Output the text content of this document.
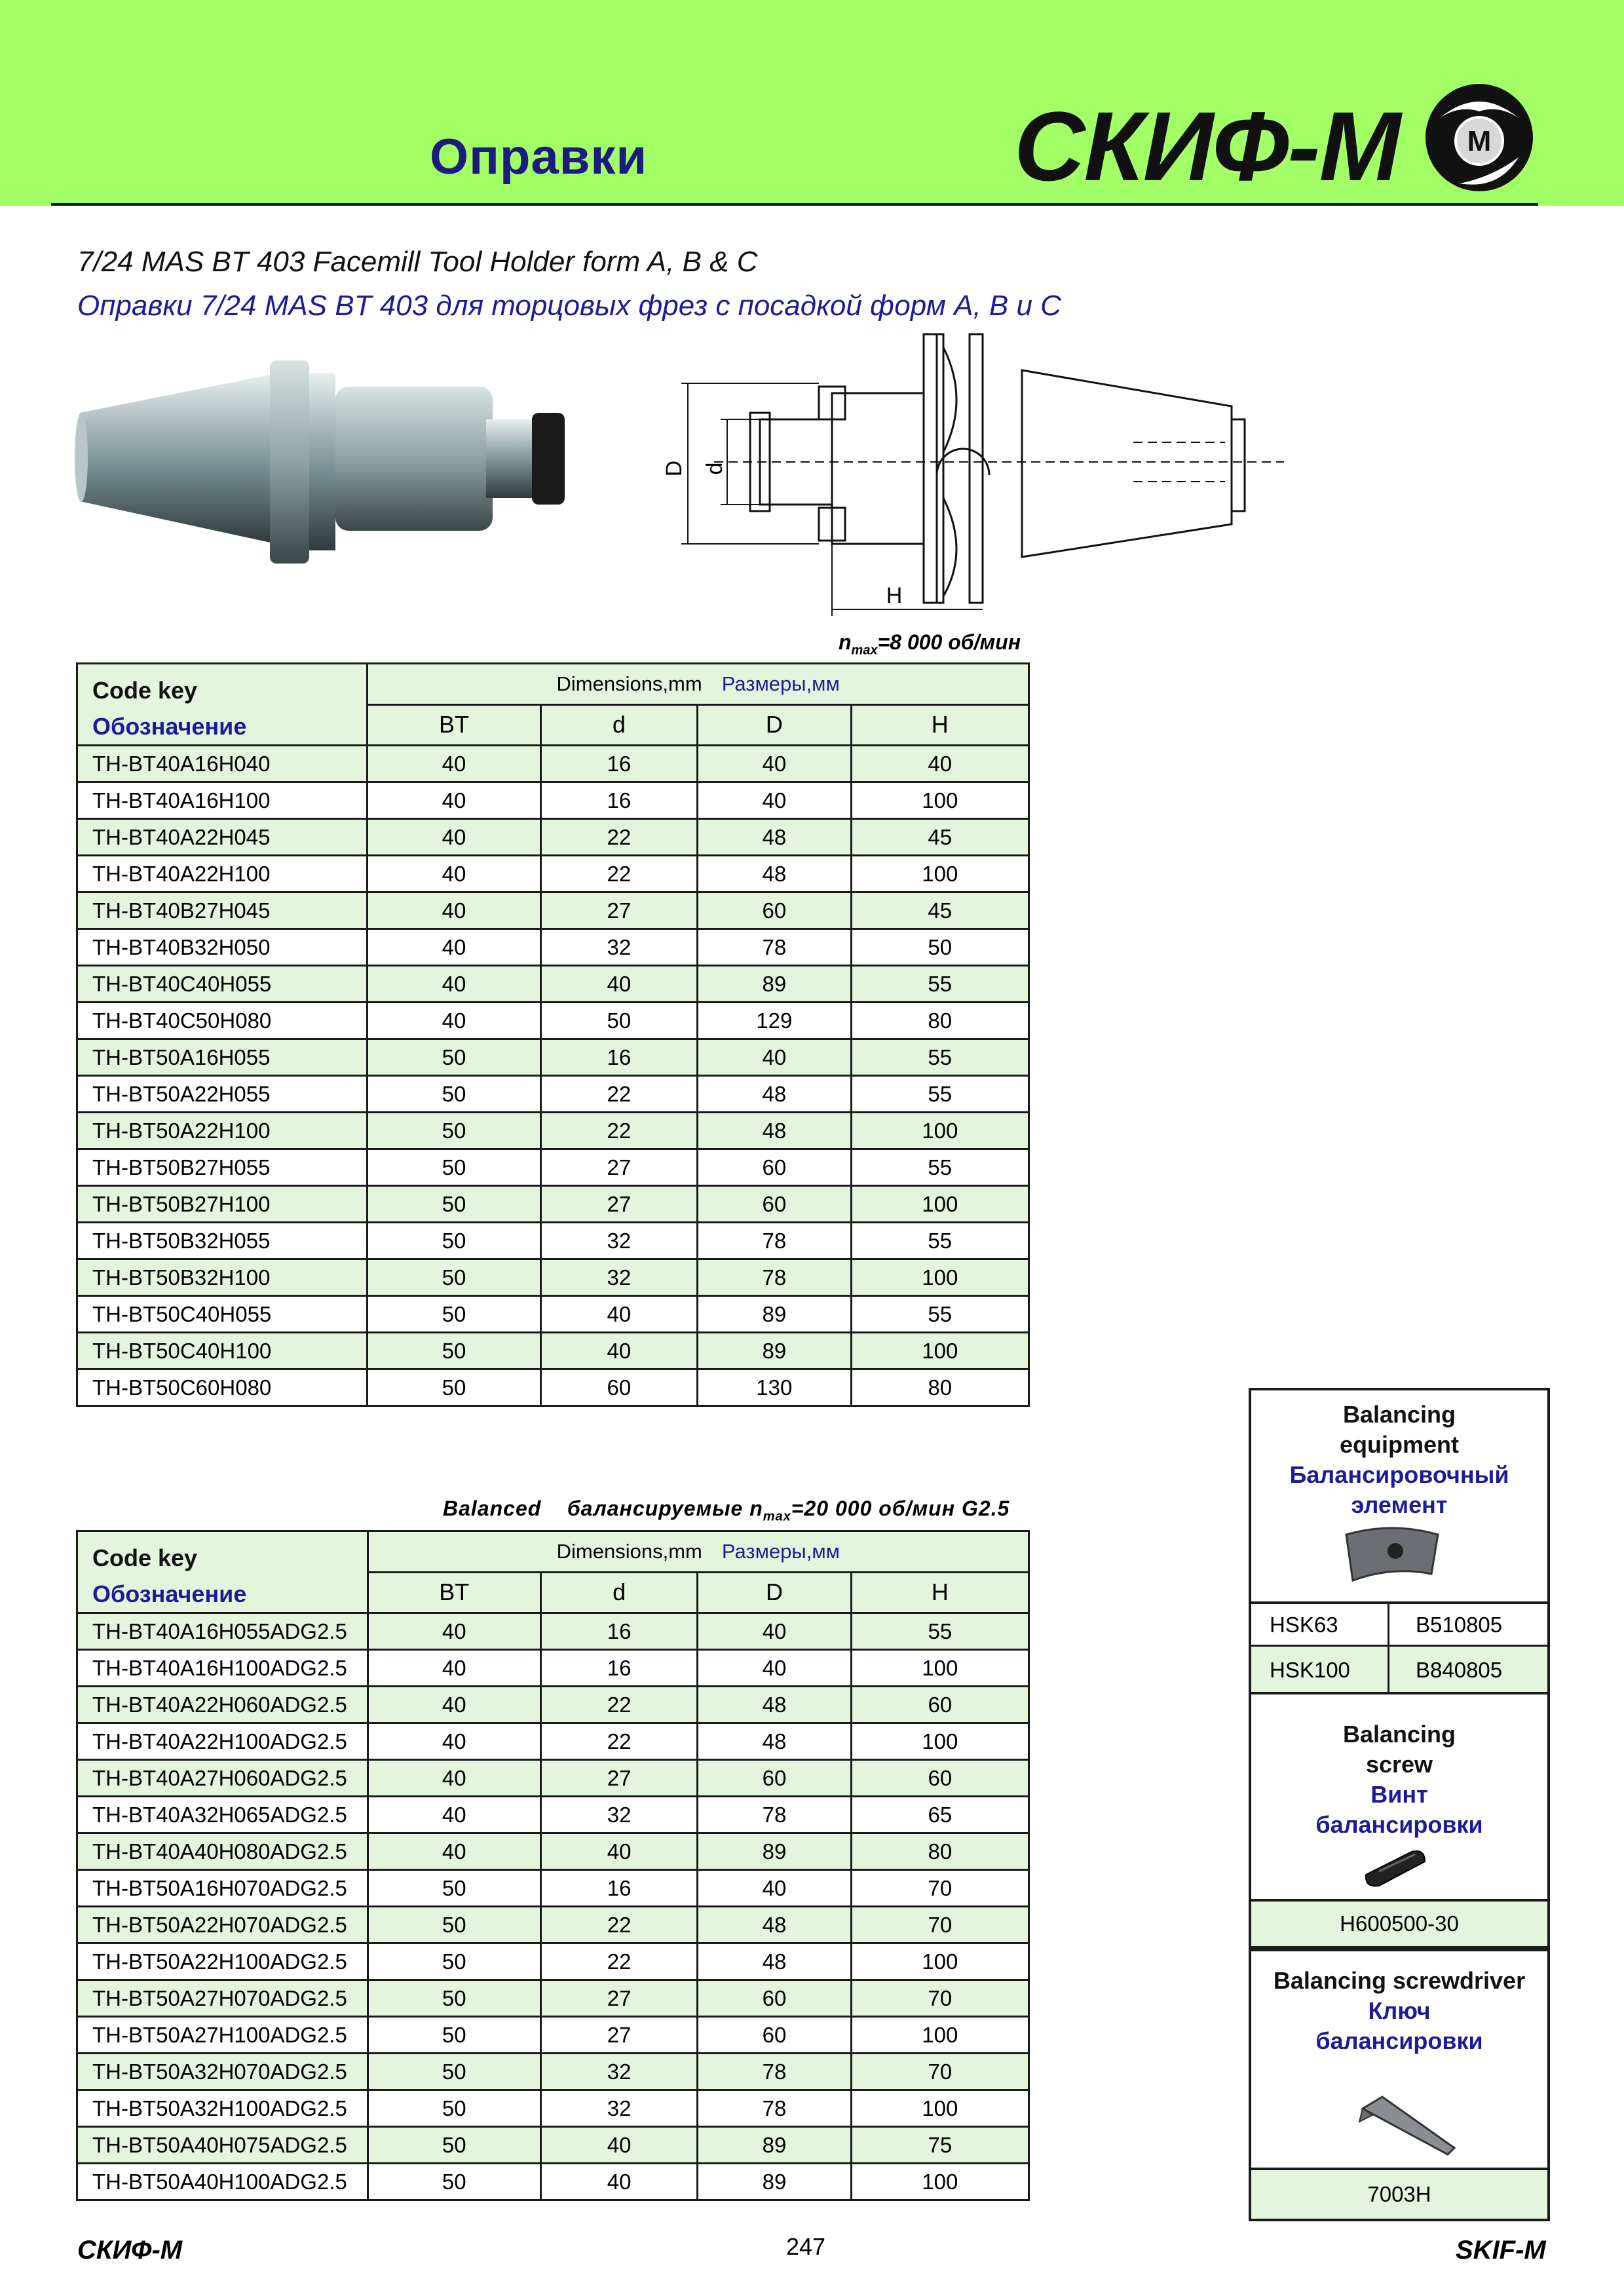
Оправки	СКИФ-М М
7/24 MAS BT 403 Facemill Tool Holder form A, B & C
Оправки 7/24 MAS BT 403 для торцовых фрез с посадкой форм A, B и C
D d
H
$n_{max}=8$ 000 об/мин
Code key
Обозначение	Dimensions,mm Размеры,мм			
	BT	d	D	H
TH-BT40A16H040	40	16	40	40
TH-BT40A16H100	40	16	40	100
TH-BT40A22H045	40	22	48	45
TH-BT40A22H100	40	22	48	100
TH-BT40B27H045	40	27	60	45
TH-BT40B32H050	40	32	78	50
TH-BT40C40H055	40	40	89	55
TH-BT40C50H080	40	50	129	80
TH-BT50A16H055	50	16	40	55
TH-BT50A22H055	50	22	48	55
TH-BT50A22H100	50	22	48	100
TH-BT50B27H055	50	27	60	55
TH-BT50B27H100	50	27	60	100
TH-BT50B32H055	50	32	78	55
TH-BT50B32H100	50	32	78	100
TH-BT50C40H055	50	40	89	55
TH-BT50C40H100	50	40	89	100
TH-BT50C60H080	50	60	130	80
Balanced балансируемые $n_{max}=20$ 000 об/мин G2.5
Code key
Обозначение	Dimensions,mm Размеры,мм			
	BT	d	D	H
TH-BT40A16H055ADG2.5	40	16	40	55
TH-BT40A16H100ADG2.5	40	16	40	100
TH-BT40A22H060ADG2.5	40	22	48	60
TH-BT40A22H100ADG2.5	40	22	48	100
TH-BT40A27H060ADG2.5	40	27	60	60
TH-BT40A32H065ADG2.5	40	32	78	65
TH-BT40A40H080ADG2.5	40	40	89	80
TH-BT50A16H070ADG2.5	50	16	40	70
TH-BT50A22H070ADG2.5	50	22	48	70
TH-BT50A22H100ADG2.5	50	22	48	100
TH-BT50A27H070ADG2.5	50	27	60	70
TH-BT50A27H100ADG2.5	50	27	60	100
TH-BT50A32H070ADG2.5	50	32	78	70
TH-BT50A32H100ADG2.5	50	32	78	100
TH-BT50A40H075ADG2.5	50	40	89	75
TH-BT50A40H100ADG2.5	50	40	89	100
Balancing
equipment
Балансировочный
элемент
HSK63	B510805
HSK100	B840805
Balancing
screw
Винт
балансировки
H600500-30
Balancing screwdriver
Ключ
балансировки
7003H
СКИФ-М	247	SKIF-M
